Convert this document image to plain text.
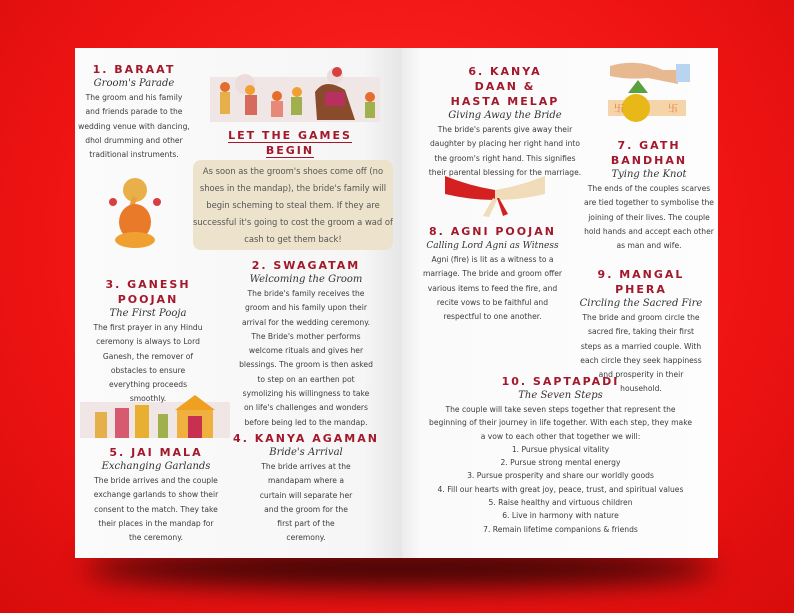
卐	卐
1. BARAAT
Groom's Parade
The groom and his family and friends parade to the wedding venue with dancing, dhol drumming and other traditional instruments.
LET THE GAMES BEGIN
As soon as the groom's shoes come off (no shoes in the mandap), the bride's family will begin scheming to steal them. If they are successful it's going to cost the groom a wad of cash to get them back!
3. GANESH POOJAN
The First Pooja
The first prayer in any Hindu ceremony is always to Lord Ganesh, the remover of obstacles to ensure everything proceeds smoothly.
2. SWAGATAM
Welcoming the Groom
The bride's family receives the groom and his family upon their arrival for the wedding ceremony. The Bride's mother performs welcome rituals and gives her blessings. The groom is then asked to step on an earthen pot symolizing his willingness to take on life's challenges and wonders before being led to the mandap.
5. JAI MALA
Exchanging Garlands
The bride arrives and the couple exchange garlands to show their consent to the match. They take their places in the mandap for the ceremony.
4. KANYA AGAMAN
Bride's Arrival
The bride arrives at the mandapam where a curtain will separate her and the groom for the first part of the ceremony.
6. KANYA DAAN & HASTA MELAP
Giving Away the Bride
The bride's parents give away their daughter by placing her right hand into the groom's right hand. This signifies their parental blessing for the marriage.
7. GATH BANDHAN
Tying the Knot
The ends of the couples scarves are tied together to symbolise the joining of their lives. The couple hold hands and accept each other as man and wife.
8. AGNI POOJAN
Calling Lord Agni as Witness
Agni (fire) is lit as a witness to a marriage. The bride and groom offer various items to feed the fire, and recite vows to be faithful and respectful to one another.
9. MANGAL PHERA
Circling the Sacred Fire
The bride and groom circle the sacred fire, taking their first steps as a married couple. With each circle they seek happiness and prosperity in their household.
10. SAPTAPADI
The Seven Steps
The couple will take seven steps together that represent the beginning of their journey in life together. With each step, they make a vow to each other that together we will:
1. Pursue physical vitality
2. Pursue strong mental energy
3. Pursue prosperity and share our worldly goods
4. Fill our hearts with great joy, peace, trust, and spiritual values
5. Raise healthy and virtuous children
6. Live in harmony with nature
7. Remain lifetime companions & friends
